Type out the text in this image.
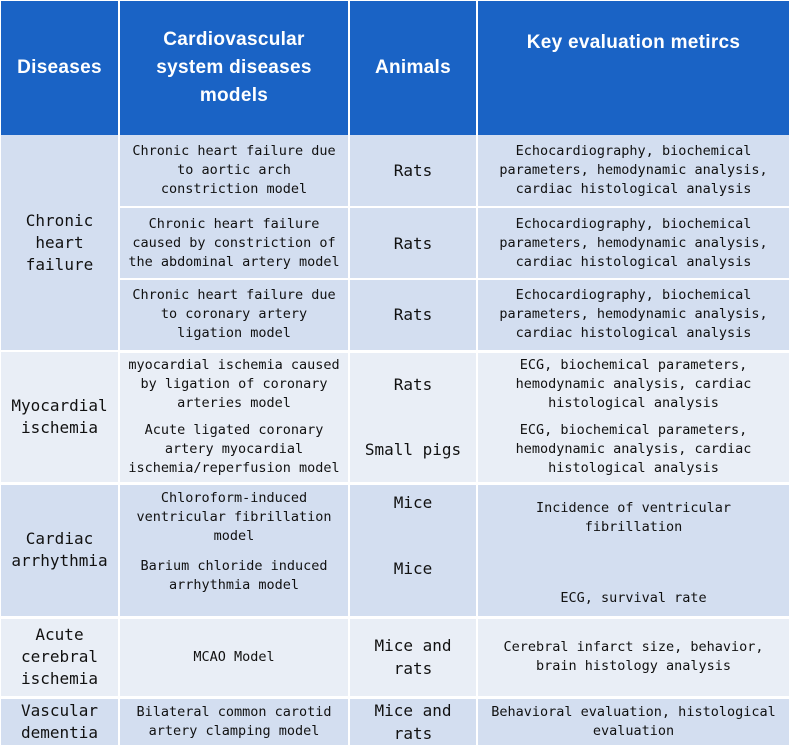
Diseases	Cardiovascular system diseases models	Animals	Key evaluation metircs
Chronic heart failure	Chronic heart failure due to aortic arch constriction model	Rats	Echocardiography, biochemical parameters, hemodynamic analysis, cardiac histological analysis
	Chronic heart failure caused by constriction of the abdominal artery model	Rats	Echocardiography, biochemical parameters, hemodynamic analysis, cardiac histological analysis
	Chronic heart failure due to coronary artery ligation model	Rats	Echocardiography, biochemical parameters, hemodynamic analysis, cardiac histological analysis
Myocardial ischemia	myocardial ischemia caused by ligation of coronary arteries model	Rats	ECG, biochemical parameters, hemodynamic analysis, cardiac histological analysis
	Acute ligated coronary artery myocardial ischemia/reperfusion model	Small pigs	ECG, biochemical parameters, hemodynamic analysis, cardiac histological analysis
Cardiac arrhythmia	Chloroform-induced ventricular fibrillation model	Mice	Incidence of ventricular fibrillation
	Barium chloride induced arrhythmia model	Mice	ECG, survival rate
Acute cerebral ischemia	MCAO Model	Mice and rats	Cerebral infarct size, behavior, brain histology analysis
Vascular dementia	Bilateral common carotid artery clamping model	Mice and rats	Behavioral evaluation, histological evaluation
